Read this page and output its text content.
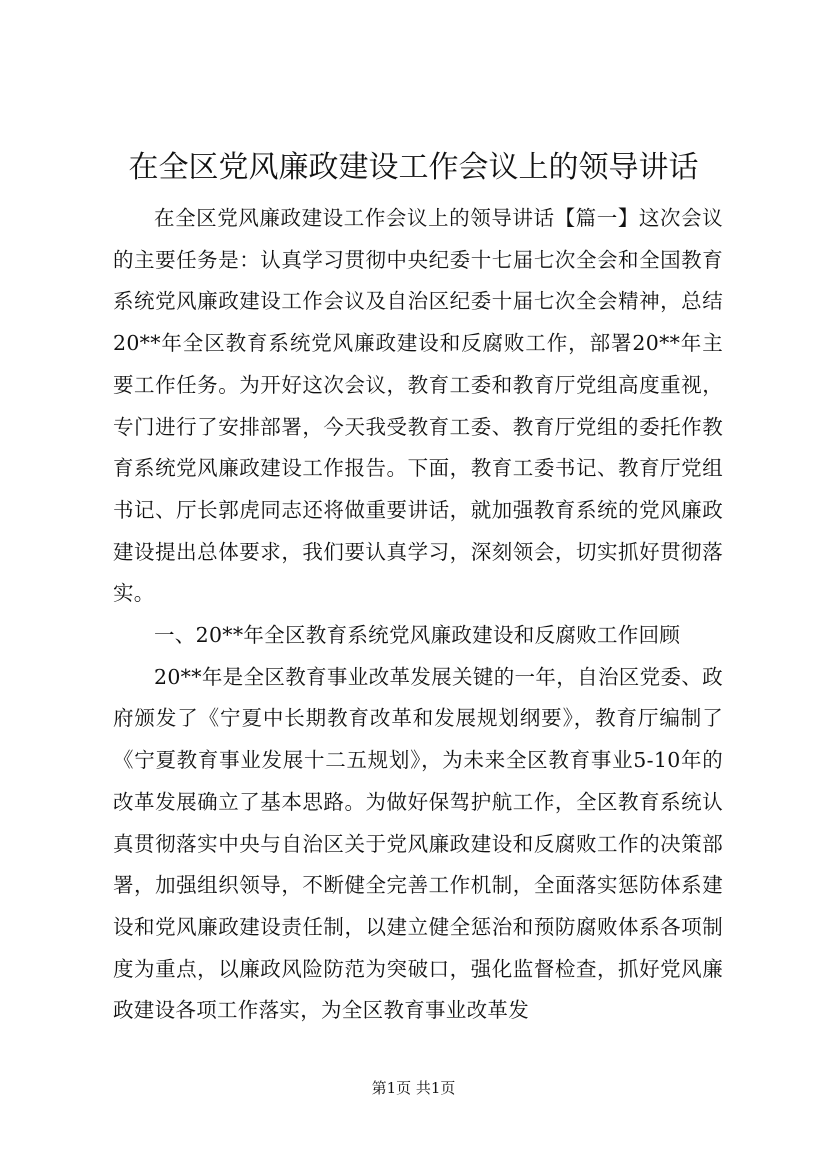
在全区党风廉政建设工作会议上的领导讲话

在全区党风廉政建设工作会议上的领导讲话【篇一】这次会议的主要任务是：认真学习贯彻中央纪委十七届七次全会和全国教育系统党风廉政建设工作会议及自治区纪委十届七次全会精神，总结20**年全区教育系统党风廉政建设和反腐败工作，部署20**年主要工作任务。为开好这次会议，教育工委和教育厅党组高度重视，专门进行了安排部署，今天我受教育工委、教育厅党组的委托作教育系统党风廉政建设工作报告。下面，教育工委书记、教育厅党组书记、厅长郭虎同志还将做重要讲话，就加强教育系统的党风廉政建设提出总体要求，我们要认真学习，深刻领会，切实抓好贯彻落实。

一、20**年全区教育系统党风廉政建设和反腐败工作回顾

20**年是全区教育事业改革发展关键的一年，自治区党委、政府颁发了《宁夏中长期教育改革和发展规划纲要》，教育厅编制了《宁夏教育事业发展十二五规划》，为未来全区教育事业5-10年的改革发展确立了基本思路。为做好保驾护航工作，全区教育系统认真贯彻落实中央与自治区关于党风廉政建设和反腐败工作的决策部署，加强组织领导，不断健全完善工作机制，全面落实惩防体系建设和党风廉政建设责任制，以建立健全惩治和预防腐败体系各项制度为重点，以廉政风险防范为突破口，强化监督检查，抓好党风廉政建设各项工作落实，为全区教育事业改革发

第1页 共1页
